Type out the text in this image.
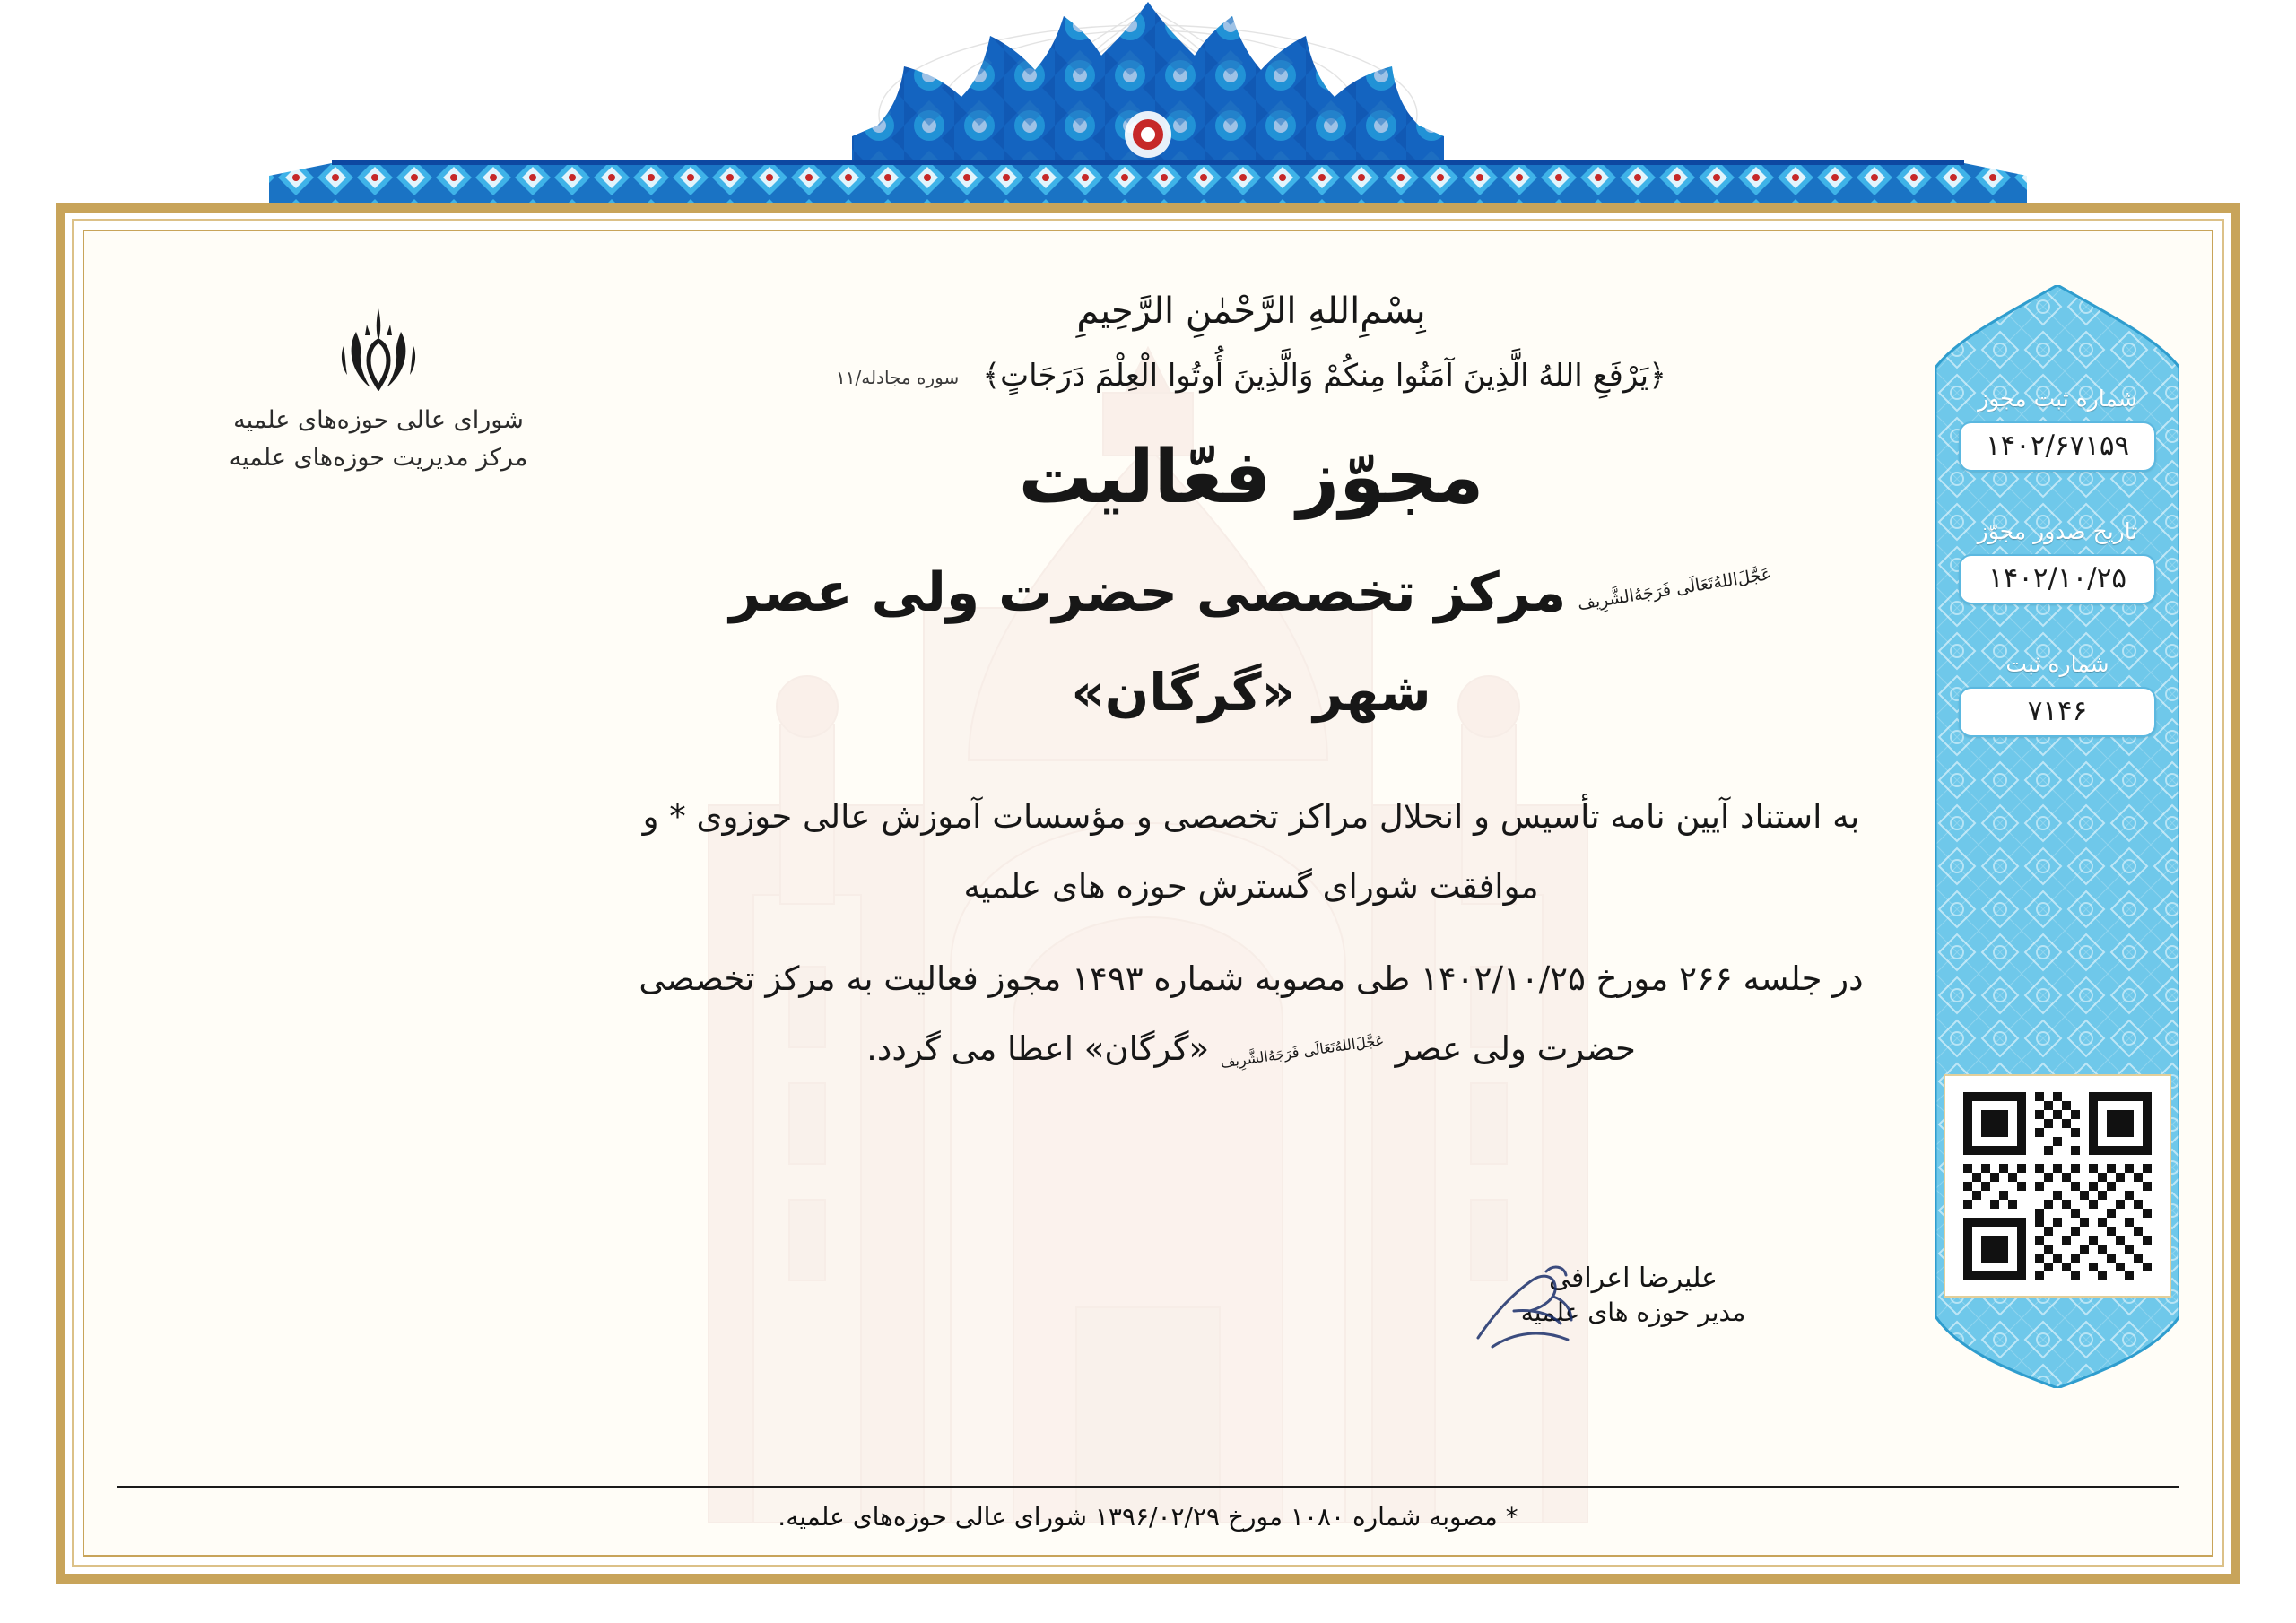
شماره ثبت مجوز
۱۴۰۲/۶۷۱۵۹
تاریخ صدور مجوّز
۱۴۰۲/۱۰/۲۵
شماره ثبت
۷۱۴۶
شورای عالی حوزه‌های علمیه
مرکز مدیریت حوزه‌های علمیه
بِسْمِ‌اللهِ الرَّحْمٰنِ الرَّحِيمِ
﴿يَرْفَعِ اللهُ الَّذِينَ آمَنُوا مِنكُمْ وَالَّذِينَ أُوتُوا الْعِلْمَ دَرَجَاتٍ﴾
سوره مجادله/۱۱
مجوّز فعّالیت
عَجَّلَ‌اللهُ‌تَعَالَی فَرَجَهُ‌الشَّرِیف
مرکز تخصصی حضرت ولی عصر
شهر «گرگان»
به استناد آیین نامه تأسیس و انحلال مراکز تخصصی و مؤسسات آموزش عالی حوزوی * و موافقت شورای گسترش حوزه های علمیه
در جلسه ۲۶۶ مورخ ۱۴۰۲/۱۰/۲۵ طی مصوبه شماره ۱۴۹۳ مجوز فعالیت به مرکز تخصصی حضرت ولی عصر عَجَّلَ‌اللهُ‌تَعَالَی فَرَجَهُ‌الشَّرِیف «گرگان» اعطا می گردد.
علیرضا اعرافی
مدیر حوزه های علمیه
* مصوبه شماره ۱۰۸۰ مورخ ۱۳۹۶/۰۲/۲۹ شورای عالی حوزه‌های علمیه.
